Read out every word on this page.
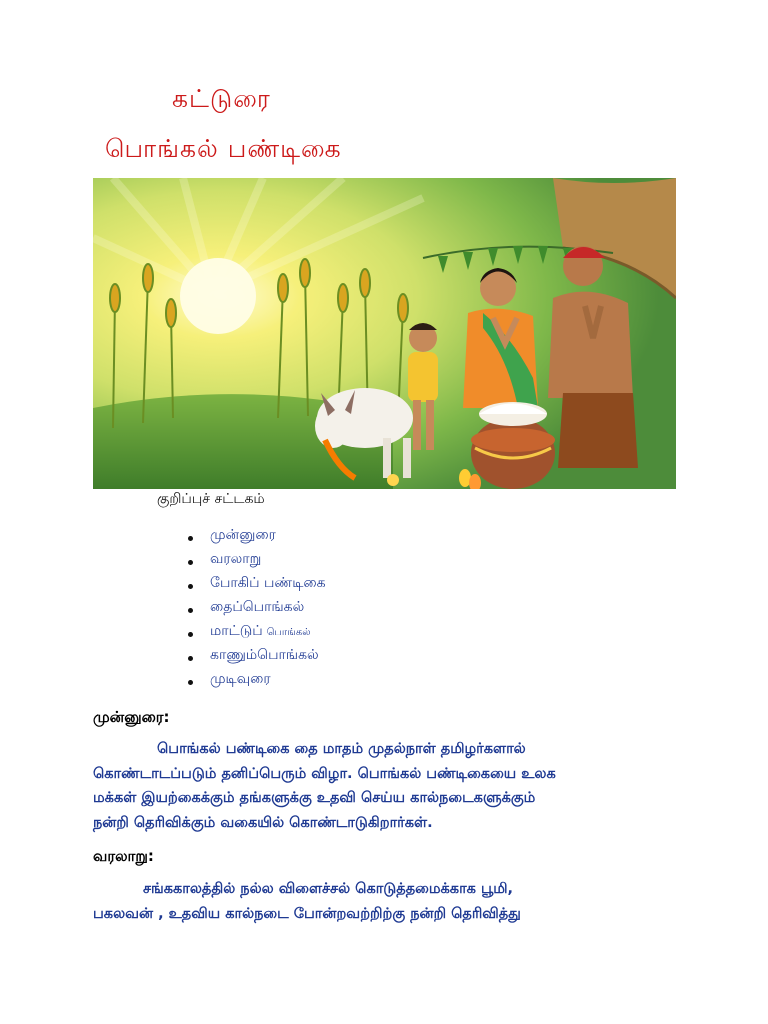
கட்டுரை
பொங்கல் பண்டிகை
குறிப்புச் சட்டகம்
முன்னுரை
வரலாறு
போகிப் பண்டிகை
தைப்பொங்கல்
மாட்டுப் பொங்கல்
காணும்பொங்கல்
முடிவுரை
முன்னுரை:

பொங்கல் பண்டிகை தை மாதம் முதல்நாள் தமிழர்களால்
கொண்டாடப்படும் தனிப்பெரும் விழா. பொங்கல் பண்டிகையை உலக
மக்கள் இயற்கைக்கும் தங்களுக்கு உதவி செய்ய கால்நடைகளுக்கும்
நன்றி தெரிவிக்கும் வகையில் கொண்டாடுகிறார்கள்.

வரலாறு:

சங்ககாலத்தில் நல்ல விளைச்சல் கொடுத்தமைக்காக பூமி,
பகலவன் , உதவிய கால்நடை போன்றவற்றிற்கு நன்றி தெரிவித்து
